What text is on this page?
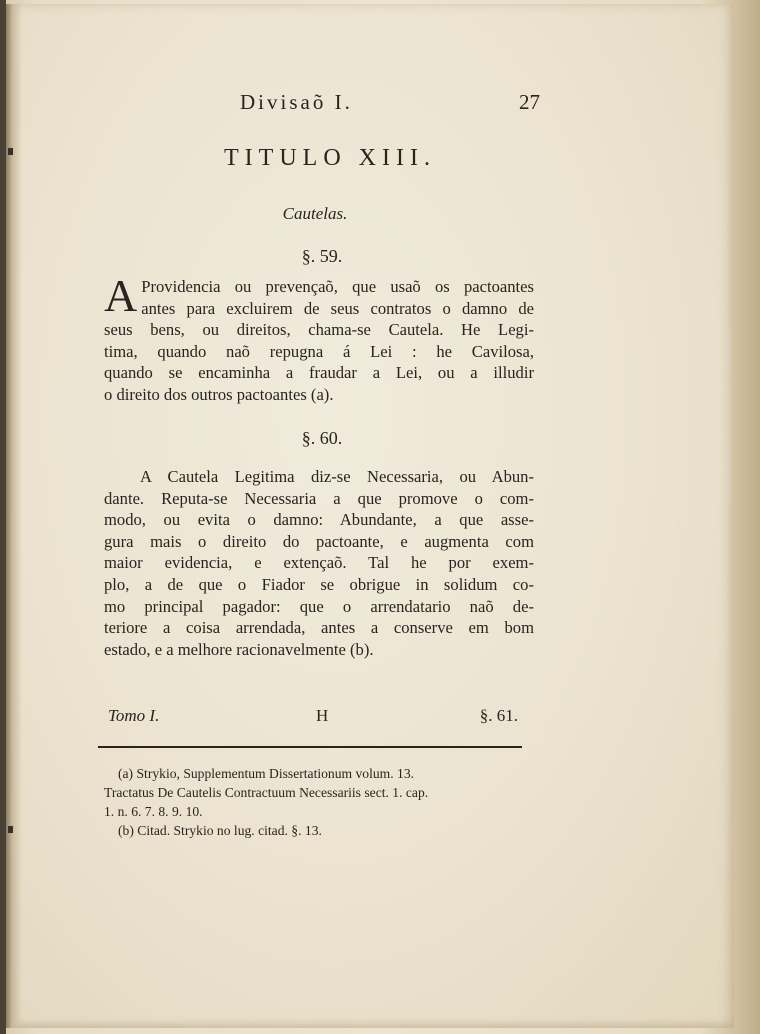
Divisaõ I.	27
TITULO XIII.
Cautelas.
§. 59.
A Providencia ou prevençaõ, que usaõ os pactoantes
antes para excluirem de seus contratos o damno de
seus bens, ou direitos, chama-se Cautela. He Legi-
tima, quando naõ repugna á Lei : he Cavilosa,
quando se encaminha a fraudar a Lei, ou a illudir
o direito dos outros pactoantes (a).
§. 60.
A Cautela Legitima diz-se Necessaria, ou Abun-
dante. Reputa-se Necessaria a que promove o com-
modo, ou evita o damno: Abundante, a que asse-
gura mais o direito do pactoante, e augmenta com
maior evidencia, e extençaõ. Tal he por exem-
plo, a de que o Fiador se obrigue in solidum co-
mo principal pagador: que o arrendatario naõ de-
teriore a coisa arrendada, antes a conserve em bom
estado, e a melhore racionavelmente (b).
Tomo I.	H	§. 61.
(a) Strykio, Supplementum Dissertationum volum. 13.
Tractatus De Cautelis Contractuum Necessariis sect. 1. cap.
1. n. 6. 7. 8. 9. 10.
(b) Citad. Strykio no lug. citad. §. 13.
